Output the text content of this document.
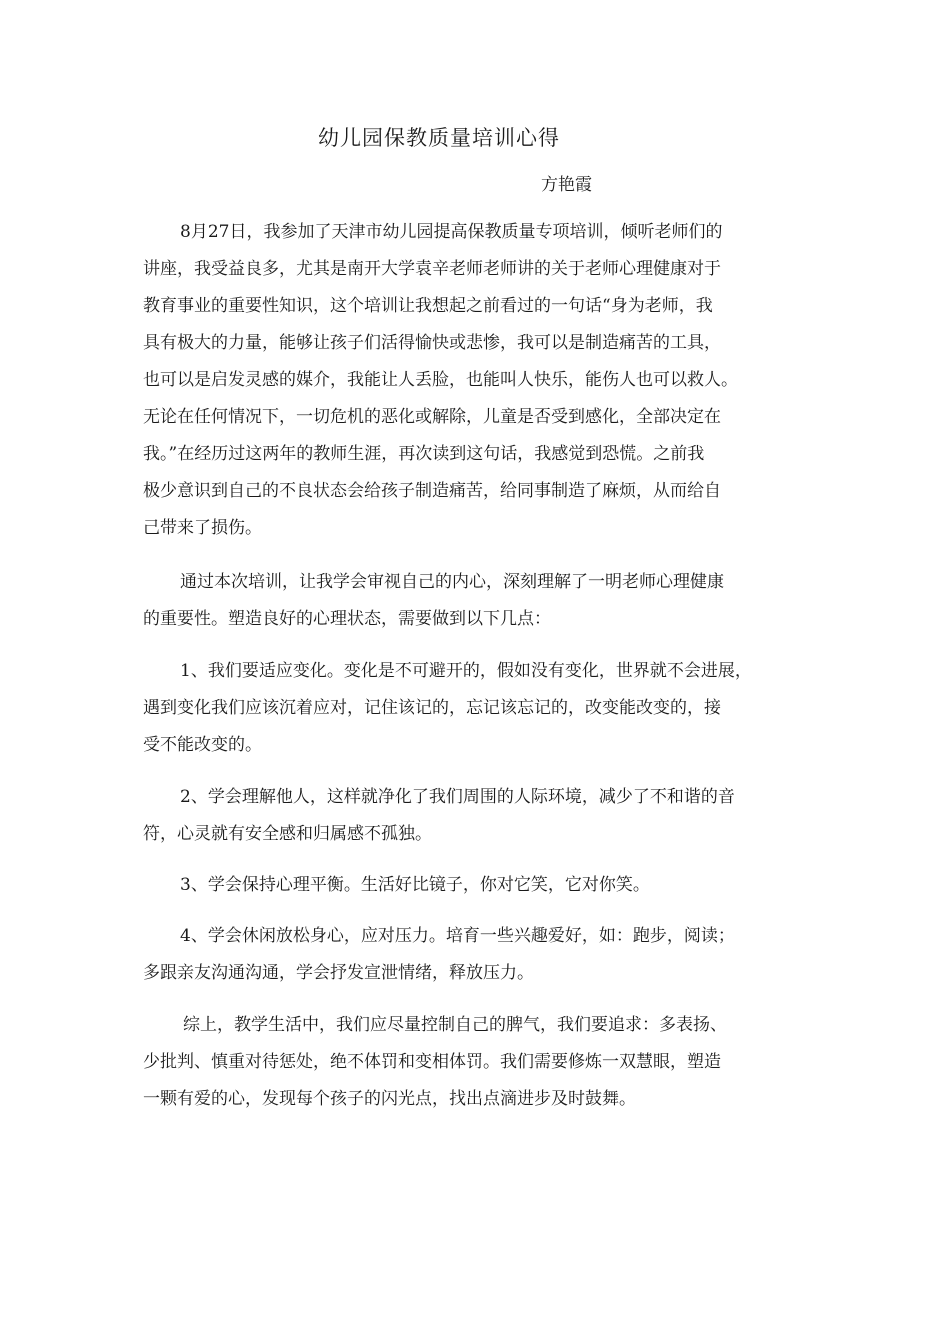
幼儿园保教质量培训心得
方艳霞
8月27日，我参加了天津市幼儿园提高保教质量专项培训，倾听老师们的
讲座，我受益良多，尤其是南开大学袁辛老师老师讲的关于老师心理健康对于
教育事业的重要性知识，这个培训让我想起之前看过的一句话“身为老师，我
具有极大的力量，能够让孩子们活得愉快或悲惨，我可以是制造痛苦的工具，
也可以是启发灵感的媒介，我能让人丢脸，也能叫人快乐，能伤人也可以救人。
无论在任何情况下，一切危机的恶化或解除，儿童是否受到感化，全部决定在
我。”在经历过这两年的教师生涯，再次读到这句话，我感觉到恐慌。之前我
极少意识到自己的不良状态会给孩子制造痛苦，给同事制造了麻烦，从而给自
己带来了损伤。
通过本次培训，让我学会审视自己的内心，深刻理解了一明老师心理健康
的重要性。塑造良好的心理状态，需要做到以下几点：
1、我们要适应变化。变化是不可避开的，假如没有变化，世界就不会进展，
遇到变化我们应该沉着应对，记住该记的，忘记该忘记的，改变能改变的，接
受不能改变的。
2、学会理解他人，这样就净化了我们周围的人际环境，减少了不和谐的音
符，心灵就有安全感和归属感不孤独。
3、学会保持心理平衡。生活好比镜子，你对它笑，它对你笑。
4、学会休闲放松身心，应对压力。培育一些兴趣爱好，如：跑步，阅读；
多跟亲友沟通沟通，学会抒发宣泄情绪，释放压力。
综上，教学生活中，我们应尽量控制自己的脾气，我们要追求：多表扬、
少批判、慎重对待惩处，绝不体罚和变相体罚。我们需要修炼一双慧眼，塑造
一颗有爱的心，发现每个孩子的闪光点，找出点滴进步及时鼓舞。
